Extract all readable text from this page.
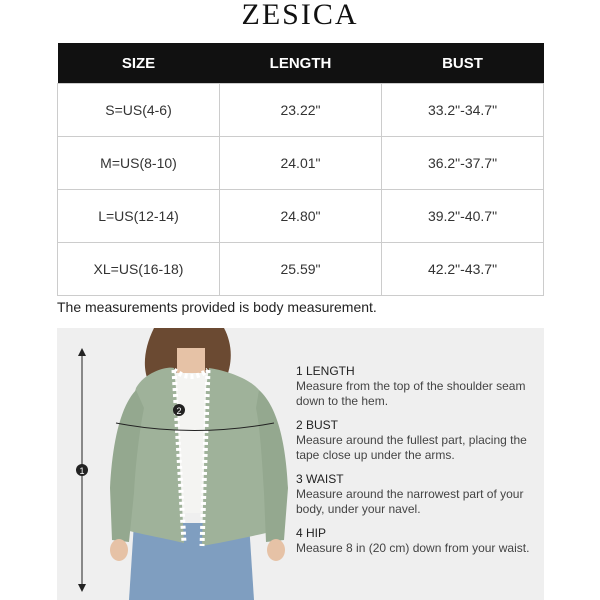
ZESICA
SIZE	LENGTH	BUST
S=US(4-6)	23.22"	33.2"-34.7"
M=US(8-10)	24.01"	36.2"-37.7"
L=US(12-14)	24.80"	39.2"-40.7"
XL=US(16-18)	25.59"	42.2"-43.7"
The measurements provided is body measurement.
2
1
1 LENGTH
Measure from the top of the shoulder seam down to the hem.
2 BUST
Measure around the fullest part, placing the tape close up under the arms.
3 WAIST
Measure around the narrowest part of your body, under your navel.
4 HIP
Measure 8 in (20 cm) down from your waist.
